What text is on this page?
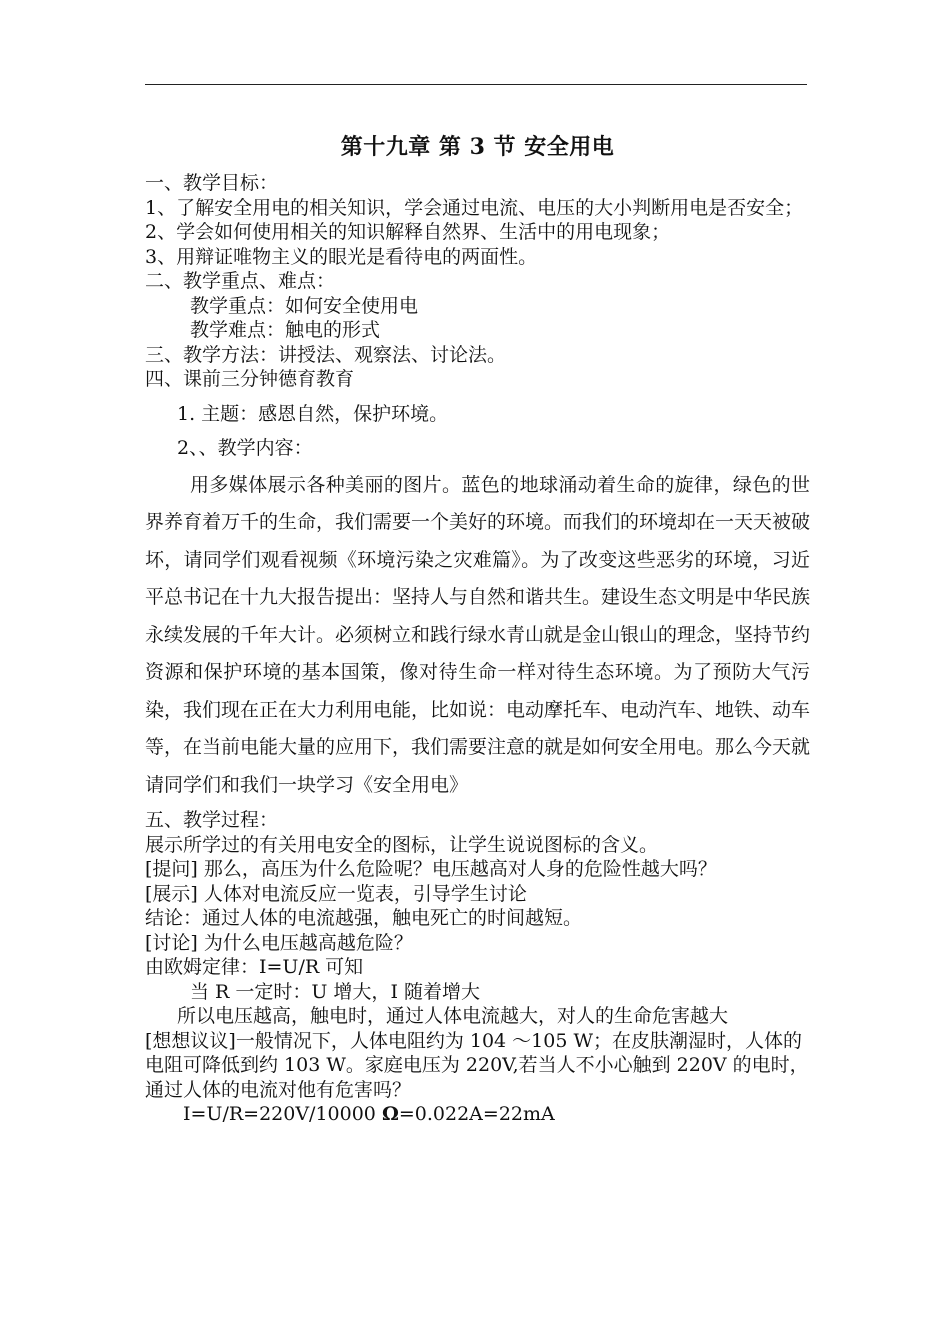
第十九章 第 3 节 安全用电

一、教学目标：

1、了解安全用电的相关知识，学会通过电流、电压的大小判断用电是否安全；

2、学会如何使用相关的知识解释自然界、生活中的用电现象；

3、用辩证唯物主义的眼光是看待电的两面性。

二、教学重点、难点：

教学重点：如何安全使用电

教学难点：触电的形式

三、教学方法：讲授法、观察法、讨论法。

四、课前三分钟德育教育

1. 主题：感恩自然，保护环境。

2、、教学内容：

用多媒体展示各种美丽的图片。蓝色的地球涌动着生命的旋律，绿色的世界养育着万千的生命，我们需要一个美好的环境。而我们的环境却在一天天被破坏，请同学们观看视频《环境污染之灾难篇》。为了改变这些恶劣的环境，习近平总书记在十九大报告提出：坚持人与自然和谐共生。建设生态文明是中华民族永续发展的千年大计。必须树立和践行绿水青山就是金山银山的理念，坚持节约资源和保护环境的基本国策，像对待生命一样对待生态环境。为了预防大气污染，我们现在正在大力利用电能，比如说：电动摩托车、电动汽车、地铁、动车等，在当前电能大量的应用下，我们需要注意的就是如何安全用电。那么今天就请同学们和我们一块学习《安全用电》

五、教学过程：

展示所学过的有关用电安全的图标，让学生说说图标的含义。

[提问] 那么，高压为什么危险呢？电压越高对人身的危险性越大吗？

[展示] 人体对电流反应一览表，引导学生讨论

结论：通过人体的电流越强，触电死亡的时间越短。

[讨论] 为什么电压越高越危险？

由欧姆定律：I=U/R 可知

当 R 一定时：U 增大，I 随着增大

所以电压越高，触电时，通过人体电流越大，对人的生命危害越大

[想想议议]一般情况下，人体电阻约为 104 ～105 W；在皮肤潮湿时，人体的电阻可降低到约 103 W。家庭电压为 220V,若当人不小心触到 220V 的电时，通过人体的电流对他有危害吗？

I=U/R=220V/10000 Ω=0.022A=22mA
